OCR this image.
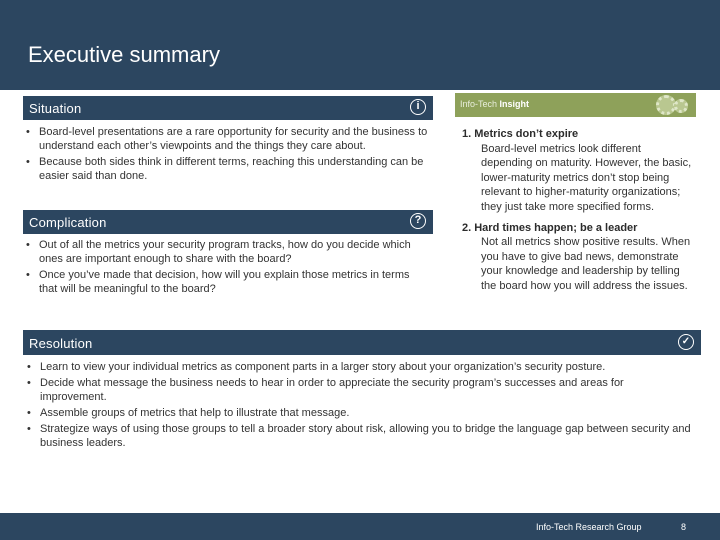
Executive summary
Situation	i
• Board-level presentations are a rare opportunity for security and the business to understand each other’s viewpoints and the things they care about.
• Because both sides think in different terms, reaching this understanding can be easier said than done.
Complication	?
• Out of all the metrics your security program tracks, how do you decide which ones are important enough to share with the board?
• Once you’ve made that decision, how will you explain those metrics in terms that will be meaningful to the board?
Info-Tech Insight
1. Metrics don’t expire
Board-level metrics look different depending on maturity. However, the basic, lower-maturity metrics don’t stop being relevant to higher-maturity organizations; they just take more specified forms.
2. Hard times happen; be a leader
Not all metrics show positive results. When you have to give bad news, demonstrate your knowledge and leadership by telling the board how you will address the issues.
Resolution	✓
• Learn to view your individual metrics as component parts in a larger story about your organization’s security posture.
• Decide what message the business needs to hear in order to appreciate the security program’s successes and areas for improvement.
• Assemble groups of metrics that help to illustrate that message.
• Strategize ways of using those groups to tell a broader story about risk, allowing you to bridge the language gap between security and business leaders.
Info-Tech Research Group	8
